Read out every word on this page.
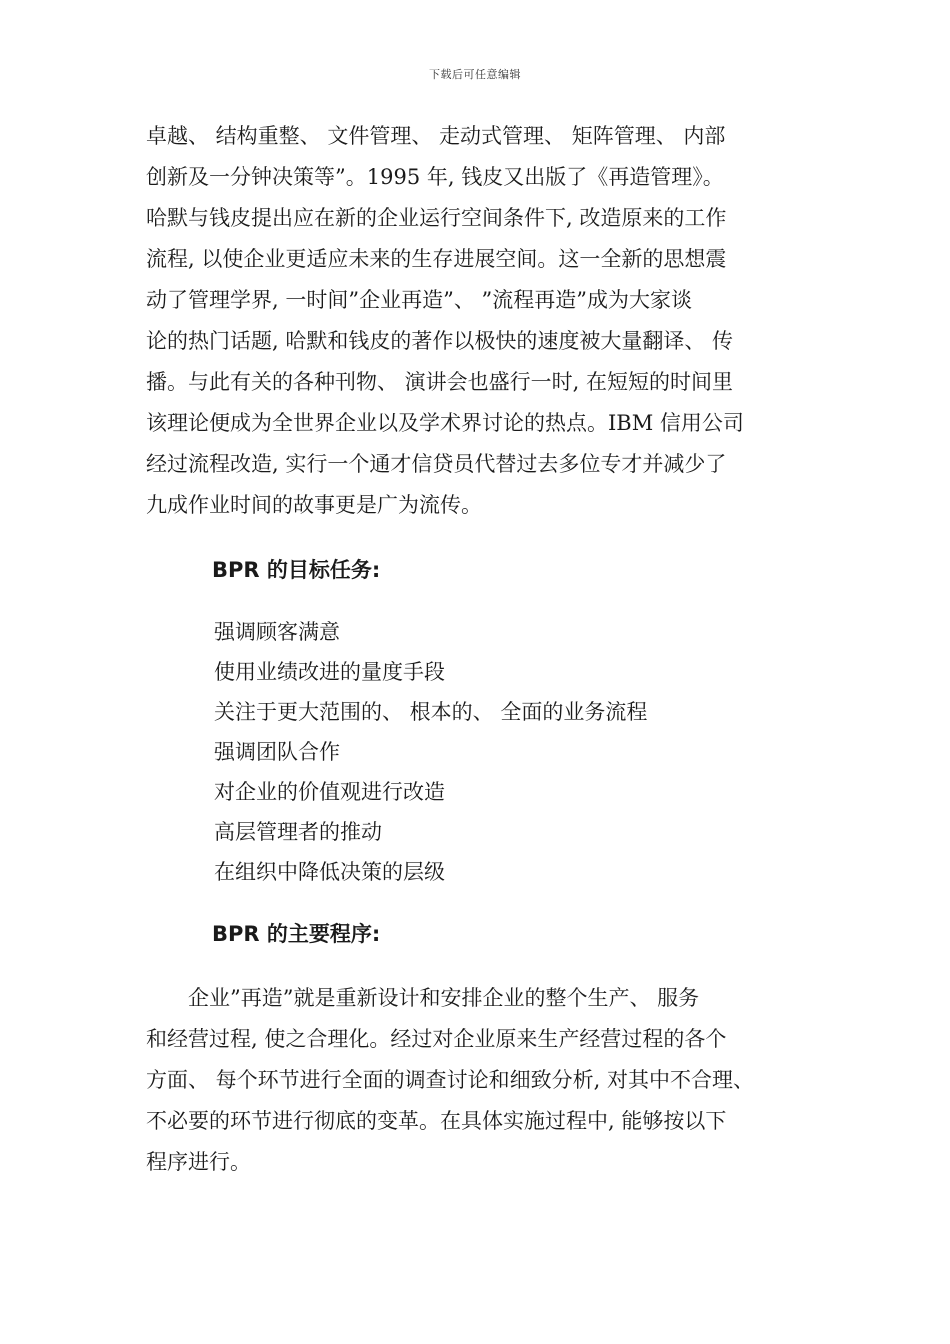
下载后可任意编辑
卓越、 结构重整、 文件管理、 走动式管理、 矩阵管理、 内部
创新及一分钟决策等”。1995 年, 钱皮又出版了《再造管理》。
哈默与钱皮提出应在新的企业运行空间条件下, 改造原来的工作
流程, 以使企业更适应未来的生存进展空间。这一全新的思想震
动了管理学界, 一时间”企业再造”、 ”流程再造”成为大家谈
论的热门话题, 哈默和钱皮的著作以极快的速度被大量翻译、 传
播。与此有关的各种刊物、 演讲会也盛行一时, 在短短的时间里
该理论便成为全世界企业以及学术界讨论的热点。IBM 信用公司
经过流程改造, 实行一个通才信贷员代替过去多位专才并减少了
九成作业时间的故事更是广为流传。
BPR 的目标任务:
强调顾客满意
使用业绩改进的量度手段
关注于更大范围的、 根本的、 全面的业务流程
强调团队合作
对企业的价值观进行改造
高层管理者的推动
在组织中降低决策的层级
BPR 的主要程序:
　　企业”再造”就是重新设计和安排企业的整个生产、 服务
和经营过程, 使之合理化。经过对企业原来生产经营过程的各个
方面、 每个环节进行全面的调查讨论和细致分析, 对其中不合理、
不必要的环节进行彻底的变革。在具体实施过程中, 能够按以下
程序进行。
